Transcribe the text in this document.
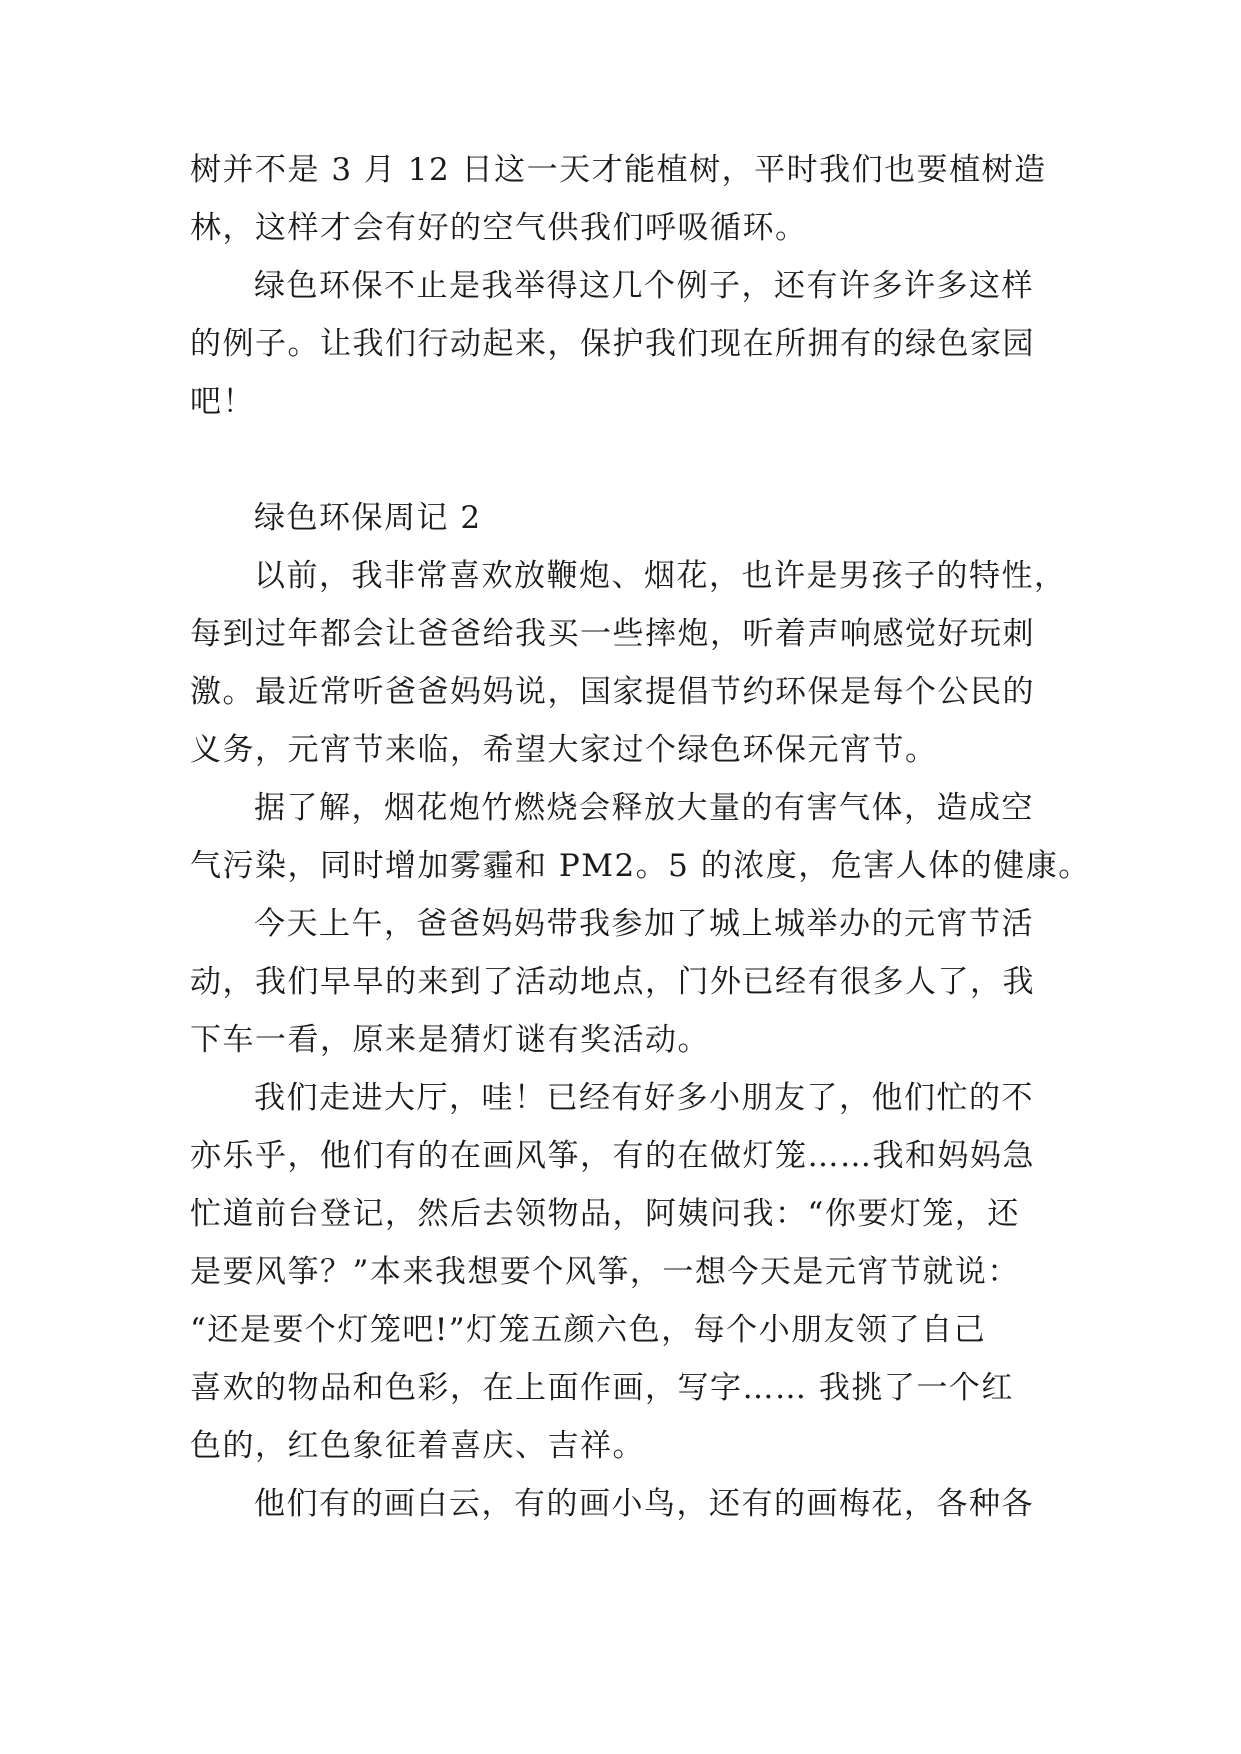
树并不是 3 月 12 日这一天才能植树，平时我们也要植树造
林，这样才会有好的空气供我们呼吸循环。
绿色环保不止是我举得这几个例子，还有许多许多这样
的例子。让我们行动起来，保护我们现在所拥有的绿色家园
吧！
绿色环保周记 2
以前，我非常喜欢放鞭炮、烟花，也许是男孩子的特性，
每到过年都会让爸爸给我买一些摔炮，听着声响感觉好玩刺
激。最近常听爸爸妈妈说，国家提倡节约环保是每个公民的
义务，元宵节来临，希望大家过个绿色环保元宵节。
据了解，烟花炮竹燃烧会释放大量的有害气体，造成空
气污染，同时增加雾霾和 PM2。5 的浓度，危害人体的健康。
今天上午，爸爸妈妈带我参加了城上城举办的元宵节活
动，我们早早的来到了活动地点，门外已经有很多人了，我
下车一看，原来是猜灯谜有奖活动。
我们走进大厅，哇！已经有好多小朋友了，他们忙的不
亦乐乎，他们有的在画风筝，有的在做灯笼……我和妈妈急
忙道前台登记，然后去领物品，阿姨问我：“你要灯笼，还
是要风筝？”本来我想要个风筝，一想今天是元宵节就说：
“还是要个灯笼吧!”灯笼五颜六色，每个小朋友领了自己
喜欢的物品和色彩，在上面作画，写字…… 我挑了一个红
色的，红色象征着喜庆、吉祥。
他们有的画白云，有的画小鸟，还有的画梅花，各种各
